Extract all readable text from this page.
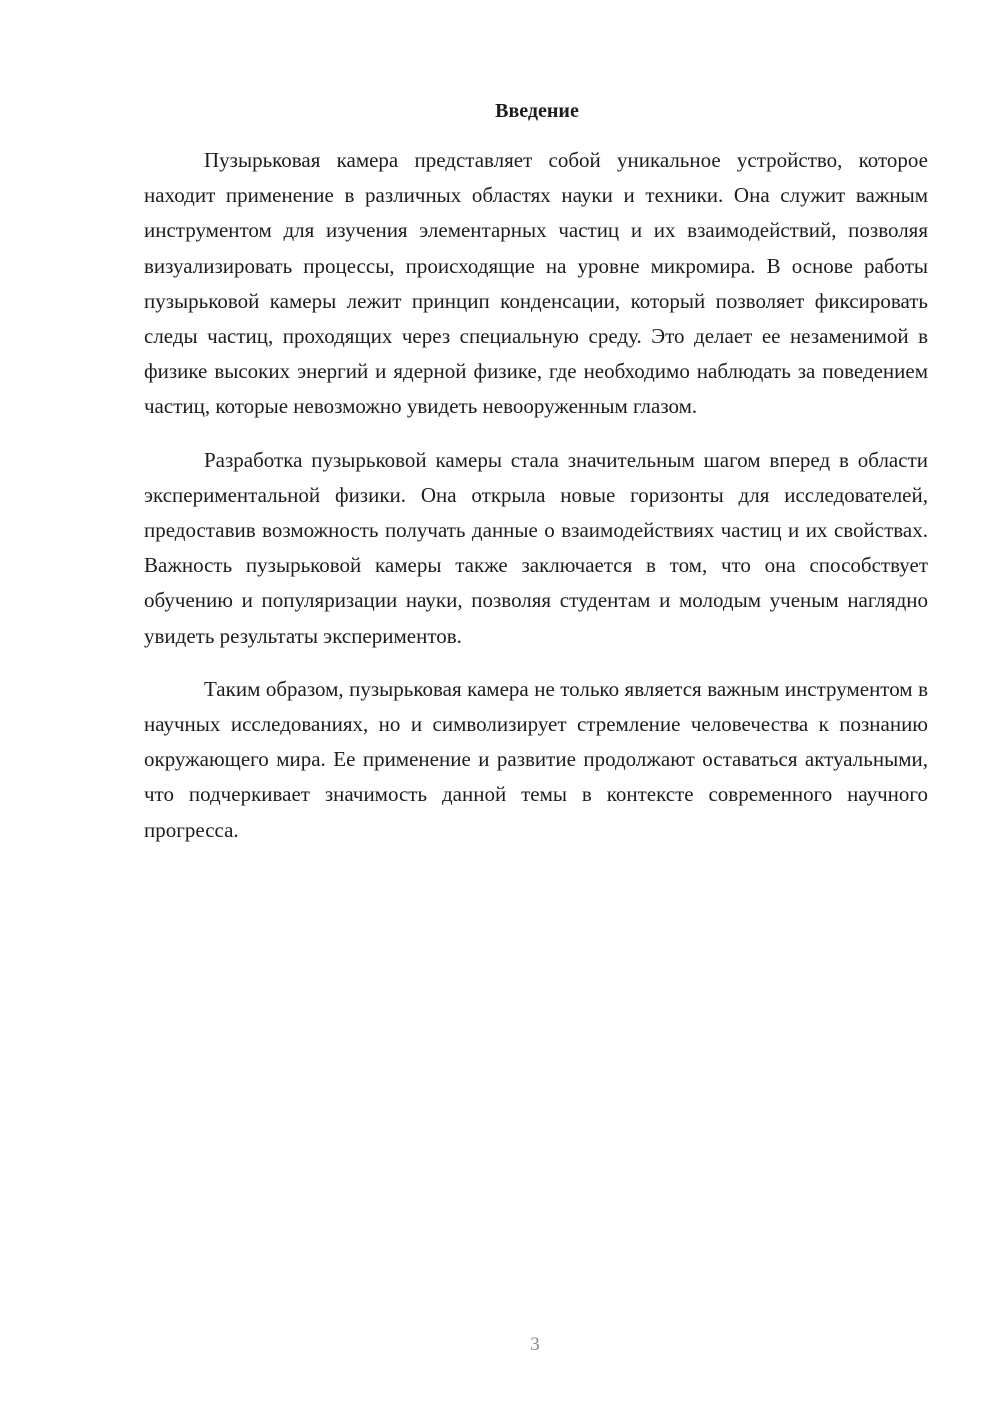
Введение

Пузырьковая камера представляет собой уникальное устройство, которое находит применение в различных областях науки и техники. Она служит важным инструментом для изучения элементарных частиц и их взаимодействий, позволяя визуализировать процессы, происходящие на уровне микромира. В основе работы пузырьковой камеры лежит принцип конденсации, который позволяет фиксировать следы частиц, проходящих через специальную среду. Это делает ее незаменимой в физике высоких энергий и ядерной физике, где необходимо наблюдать за поведением частиц, которые невозможно увидеть невооруженным глазом.

Разработка пузырьковой камеры стала значительным шагом вперед в области экспериментальной физики. Она открыла новые горизонты для исследователей, предоставив возможность получать данные о взаимодействиях частиц и их свойствах. Важность пузырьковой камеры также заключается в том, что она способствует обучению и популяризации науки, позволяя студентам и молодым ученым наглядно увидеть результаты экспериментов.

Таким образом, пузырьковая камера не только является важным инструментом в научных исследованиях, но и символизирует стремление человечества к познанию окружающего мира. Ее применение и развитие продолжают оставаться актуальными, что подчеркивает значимость данной темы в контексте современного научного прогресса.

3
